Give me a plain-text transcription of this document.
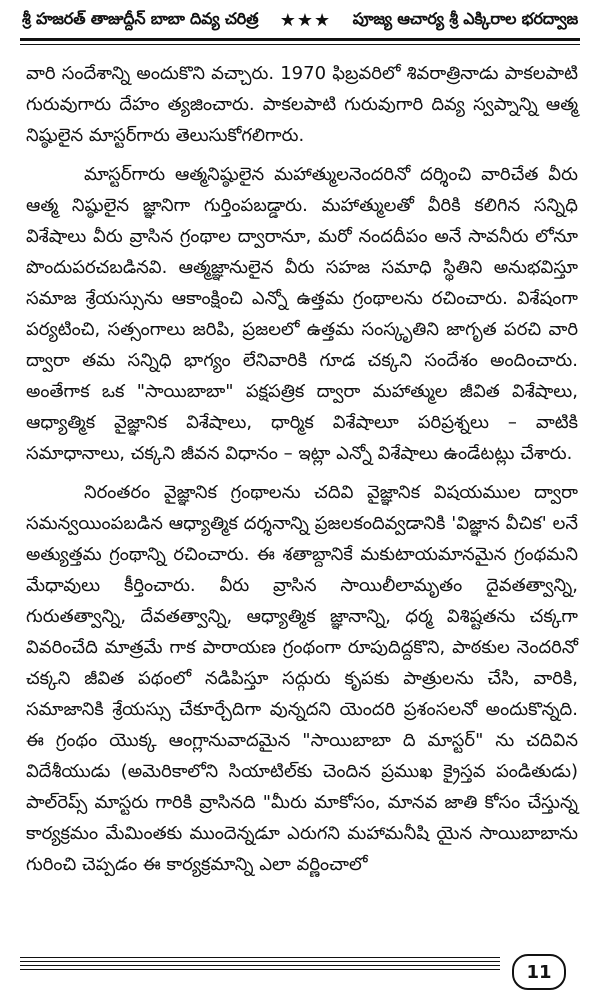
శ్రీ హజరత్ తాజుద్దీన్ బాబా దివ్య చరిత్ర ★★★ పూజ్య ఆచార్య శ్రీ ఎక్కిరాల భరద్వాజ

వారి సందేశాన్ని అందుకొని వచ్చారు. 1970 ఫిబ్రవరిలో శివరాత్రినాడు పాకలపాటి గురువుగారు దేహం త్యజించారు. పాకలపాటి గురువుగారి దివ్య స్వప్నాన్ని ఆత్మ నిష్ఠులైన మాస్టర్‌గారు తెలుసుకోగలిగారు.

మాస్టర్‌గారు ఆత్మనిష్ఠులైన మహాత్ములనెందరినో దర్శించి వారిచేత వీరు ఆత్మ నిష్ఠులైన జ్ఞానిగా గుర్తింపబడ్డారు. మహాత్ములతో వీరికి కలిగిన సన్నిధి విశేషాలు వీరు వ్రాసిన గ్రంథాల ద్వారానూ, మరో నందదీపం అనే సావనీరు లోనూ పొందుపరచబడినవి. ఆత్మజ్ఞానులైన వీరు సహజ సమాధి స్థితిని అనుభవిస్తూ సమాజ శ్రేయస్సును ఆకాంక్షించి ఎన్నో ఉత్తమ గ్రంథాలను రచించారు. విశేషంగా పర్యటించి, సత్సంగాలు జరిపి, ప్రజలలో ఉత్తమ సంస్కృతిని జాగృత పరచి వారి ద్వారా తమ సన్నిధి భాగ్యం లేనివారికి గూడ చక్కని సందేశం అందించారు. అంతేగాక ఒక "సాయిబాబా" పక్షపత్రిక ద్వారా మహాత్ముల జీవిత విశేషాలు, ఆధ్యాత్మిక వైజ్ఞానిక విశేషాలు, ధార్మిక విశేషాలూ పరిప్రశ్నలు – వాటికి సమాధానాలు, చక్కని జీవన విధానం – ఇట్లా ఎన్నో విశేషాలు ఉండేటట్లు చేశారు.

నిరంతరం వైజ్ఞానిక గ్రంథాలను చదివి వైజ్ఞానిక విషయముల ద్వారా సమన్వయింపబడిన ఆధ్యాత్మిక దర్శనాన్ని ప్రజలకందివ్వడానికి 'విజ్ఞాన వీచిక' లనే అత్యుత్తమ గ్రంథాన్ని రచించారు. ఈ శతాబ్దానికే మకుటాయమానమైన గ్రంథమని మేధావులు కీర్తించారు. వీరు వ్రాసిన సాయిలీలామృతం దైవతత్వాన్ని, గురుతత్వాన్ని, దేవతత్వాన్ని, ఆధ్యాత్మిక జ్ఞానాన్ని, ధర్మ విశిష్టతను చక్కగా వివరించేది మాత్రమే గాక పారాయణ గ్రంథంగా రూపుదిద్దకొని, పాఠకుల నెందరినో చక్కని జీవిత పథంలో నడిపిస్తూ సద్గురు కృపకు పాత్రులను చేసి, వారికి, సమాజానికి శ్రేయస్సు చేకూర్చేదిగా వున్నదని యెందరి ప్రశంసలనో అందుకొన్నది. ఈ గ్రంథం యొక్క ఆంగ్లానువాదమైన "సాయిబాబా ది మాస్టర్" ను చదివిన విదేశీయుడు (అమెరికాలోని సియాటిల్‌కు చెందిన ప్రముఖ క్రైస్తవ పండితుడు) పాల్‌రెప్స్ మాస్టరు గారికి వ్రాసినది "మీరు మాకోసం, మానవ జాతి కోసం చేస్తున్న కార్యక్రమం మేమింతకు ముందెన్నడూ ఎరుగని మహామనీషి యైన సాయిబాబాను గురించి చెప్పడం ఈ కార్యక్రమాన్ని ఎలా వర్ణించాలో

11
